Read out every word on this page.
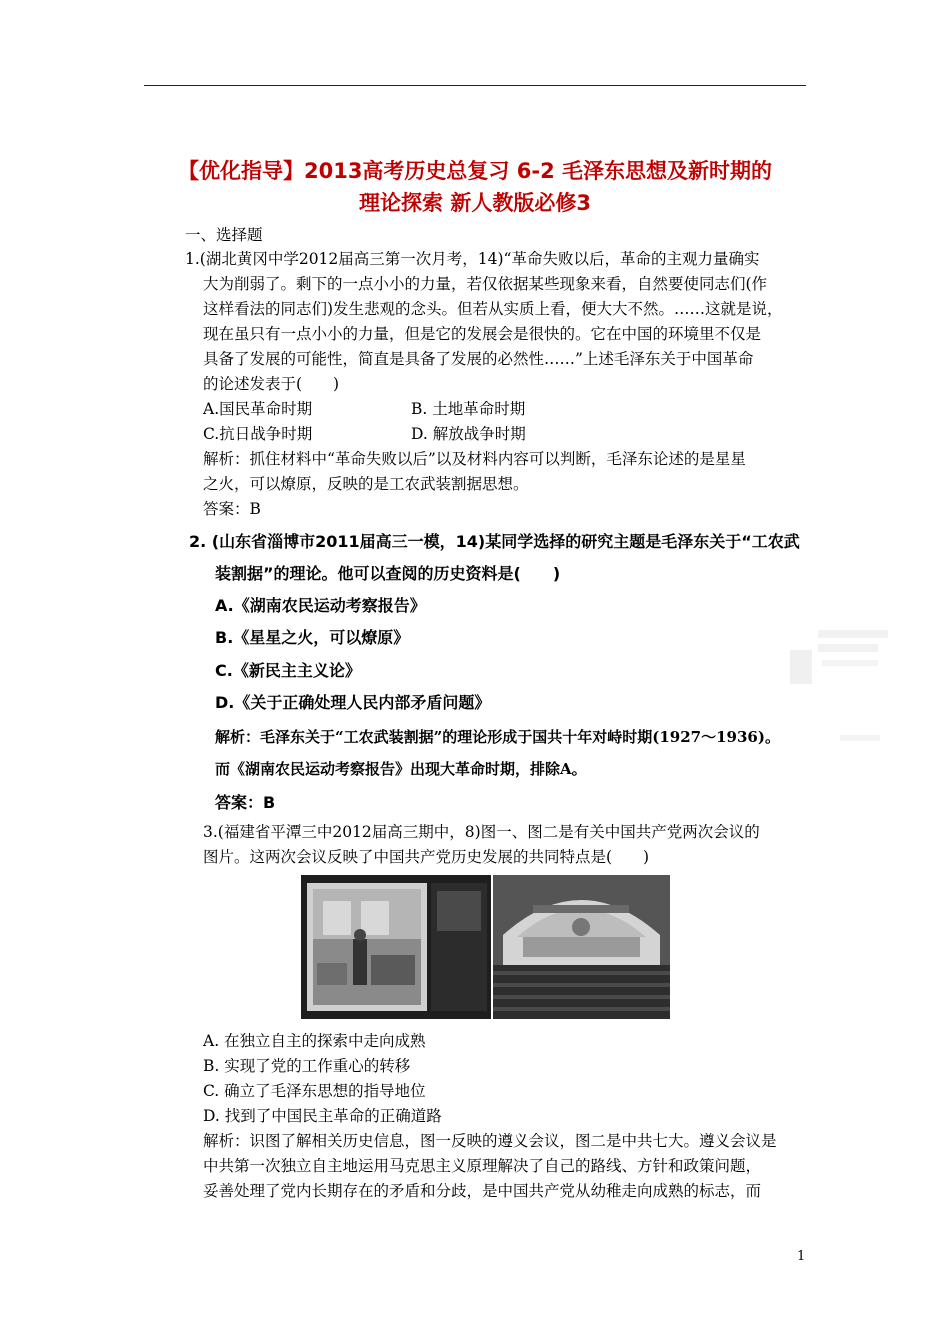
【优化指导】2013高考历史总复习 6-2 毛泽东思想及新时期的
理论探索 新人教版必修3
一、选择题
1.(湖北黄冈中学2012届高三第一次月考，14)“革命失败以后，革命的主观力量确实
大为削弱了。剩下的一点小小的力量，若仅依据某些现象来看，自然要使同志们(作
这样看法的同志们)发生悲观的念头。但若从实质上看，便大大不然。……这就是说，
现在虽只有一点小小的力量，但是它的发展会是很快的。它在中国的环境里不仅是
具备了发展的可能性，简直是具备了发展的必然性……”上述毛泽东关于中国革命
的论述发表于(　　)
A.国民革命时期	B. 土地革命时期
C.抗日战争时期	D. 解放战争时期
解析：抓住材料中“革命失败以后”以及材料内容可以判断，毛泽东论述的是星星
之火，可以燎原，反映的是工农武装割据思想。
答案：B
2. (山东省淄博市2011届高三一模，14)某同学选择的研究主题是毛泽东关于“工农武
装割据”的理论。他可以查阅的历史资料是(　　)
A.《湖南农民运动考察报告》
B.《星星之火，可以燎原》
C.《新民主主义论》
D.《关于正确处理人民内部矛盾问题》
解析：毛泽东关于“工农武装割据”的理论形成于国共十年对峙时期(1927～1936)。
而《湖南农民运动考察报告》出现大革命时期，排除A。
答案：B
3.(福建省平潭三中2012届高三期中，8)图一、图二是有关中国共产党两次会议的
图片。这两次会议反映了中国共产党历史发展的共同特点是(　　)
A. 在独立自主的探索中走向成熟
B. 实现了党的工作重心的转移
C. 确立了毛泽东思想的指导地位
D. 找到了中国民主革命的正确道路
解析：识图了解相关历史信息，图一反映的遵义会议，图二是中共七大。遵义会议是
中共第一次独立自主地运用马克思主义原理解决了自己的路线、方针和政策问题，
妥善处理了党内长期存在的矛盾和分歧，是中国共产党从幼稚走向成熟的标志，而
1
